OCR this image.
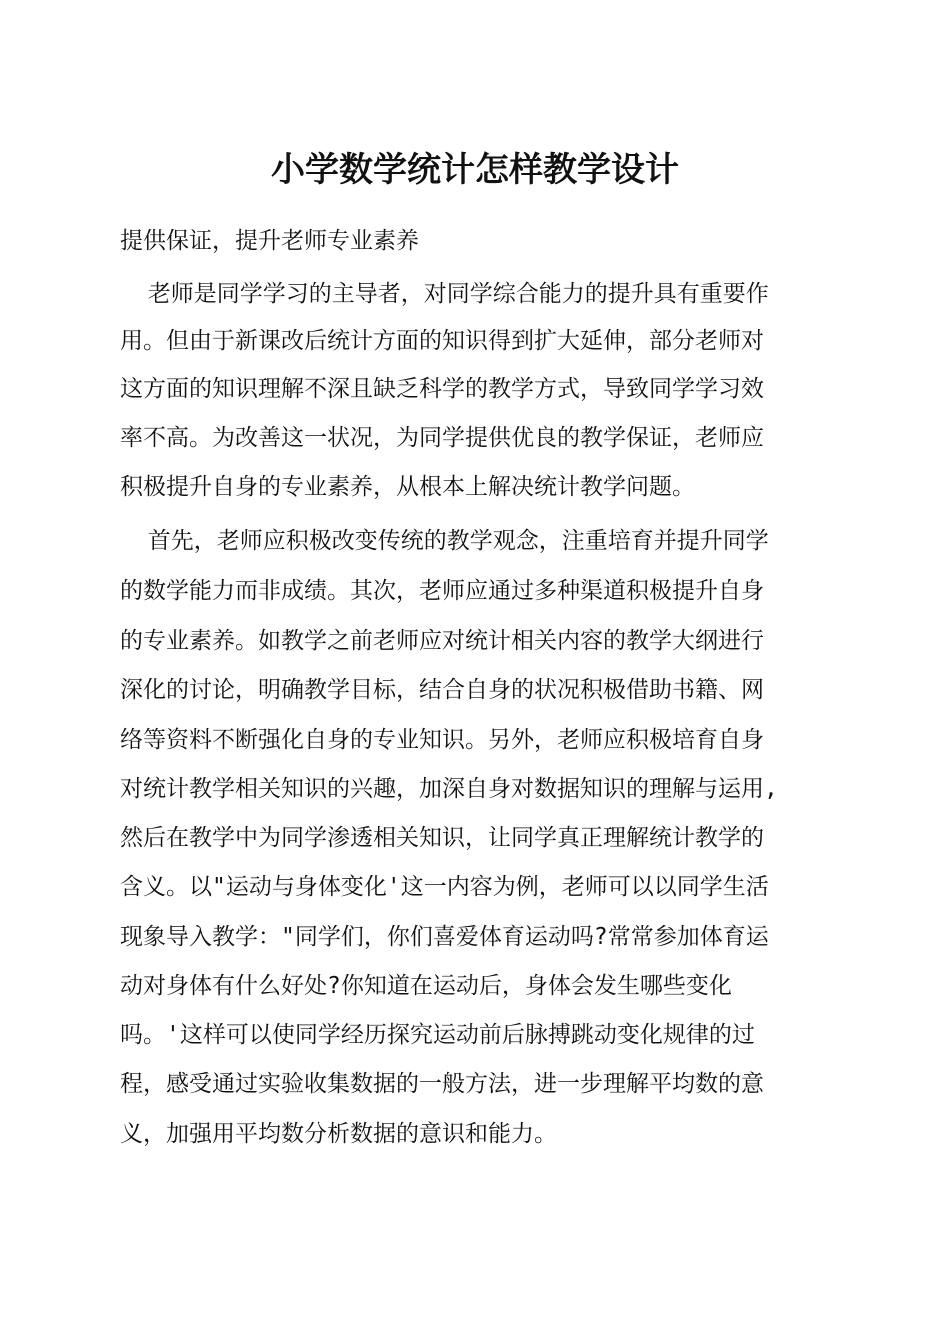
小学数学统计怎样教学设计
提供保证，提升老师专业素养
老师是同学学习的主导者，对同学综合能力的提升具有重要作
用。但由于新课改后统计方面的知识得到扩大延伸，部分老师对
这方面的知识理解不深且缺乏科学的教学方式，导致同学学习效
率不高。为改善这一状况，为同学提供优良的教学保证，老师应
积极提升自身的专业素养，从根本上解决统计教学问题。
首先，老师应积极改变传统的教学观念，注重培育并提升同学
的数学能力而非成绩。其次，老师应通过多种渠道积极提升自身
的专业素养。如教学之前老师应对统计相关内容的教学大纲进行
深化的讨论，明确教学目标，结合自身的状况积极借助书籍、网
络等资料不断强化自身的专业知识。另外，老师应积极培育自身
对统计教学相关知识的兴趣，加深自身对数据知识的理解与运用,
然后在教学中为同学渗透相关知识，让同学真正理解统计教学的
含义。以"运动与身体变化'这一内容为例，老师可以以同学生活
现象导入教学："同学们，你们喜爱体育运动吗?常常参加体育运
动对身体有什么好处?你知道在运动后，身体会发生哪些变化
吗。'这样可以使同学经历探究运动前后脉搏跳动变化规律的过
程，感受通过实验收集数据的一般方法，进一步理解平均数的意
义，加强用平均数分析数据的意识和能力。
